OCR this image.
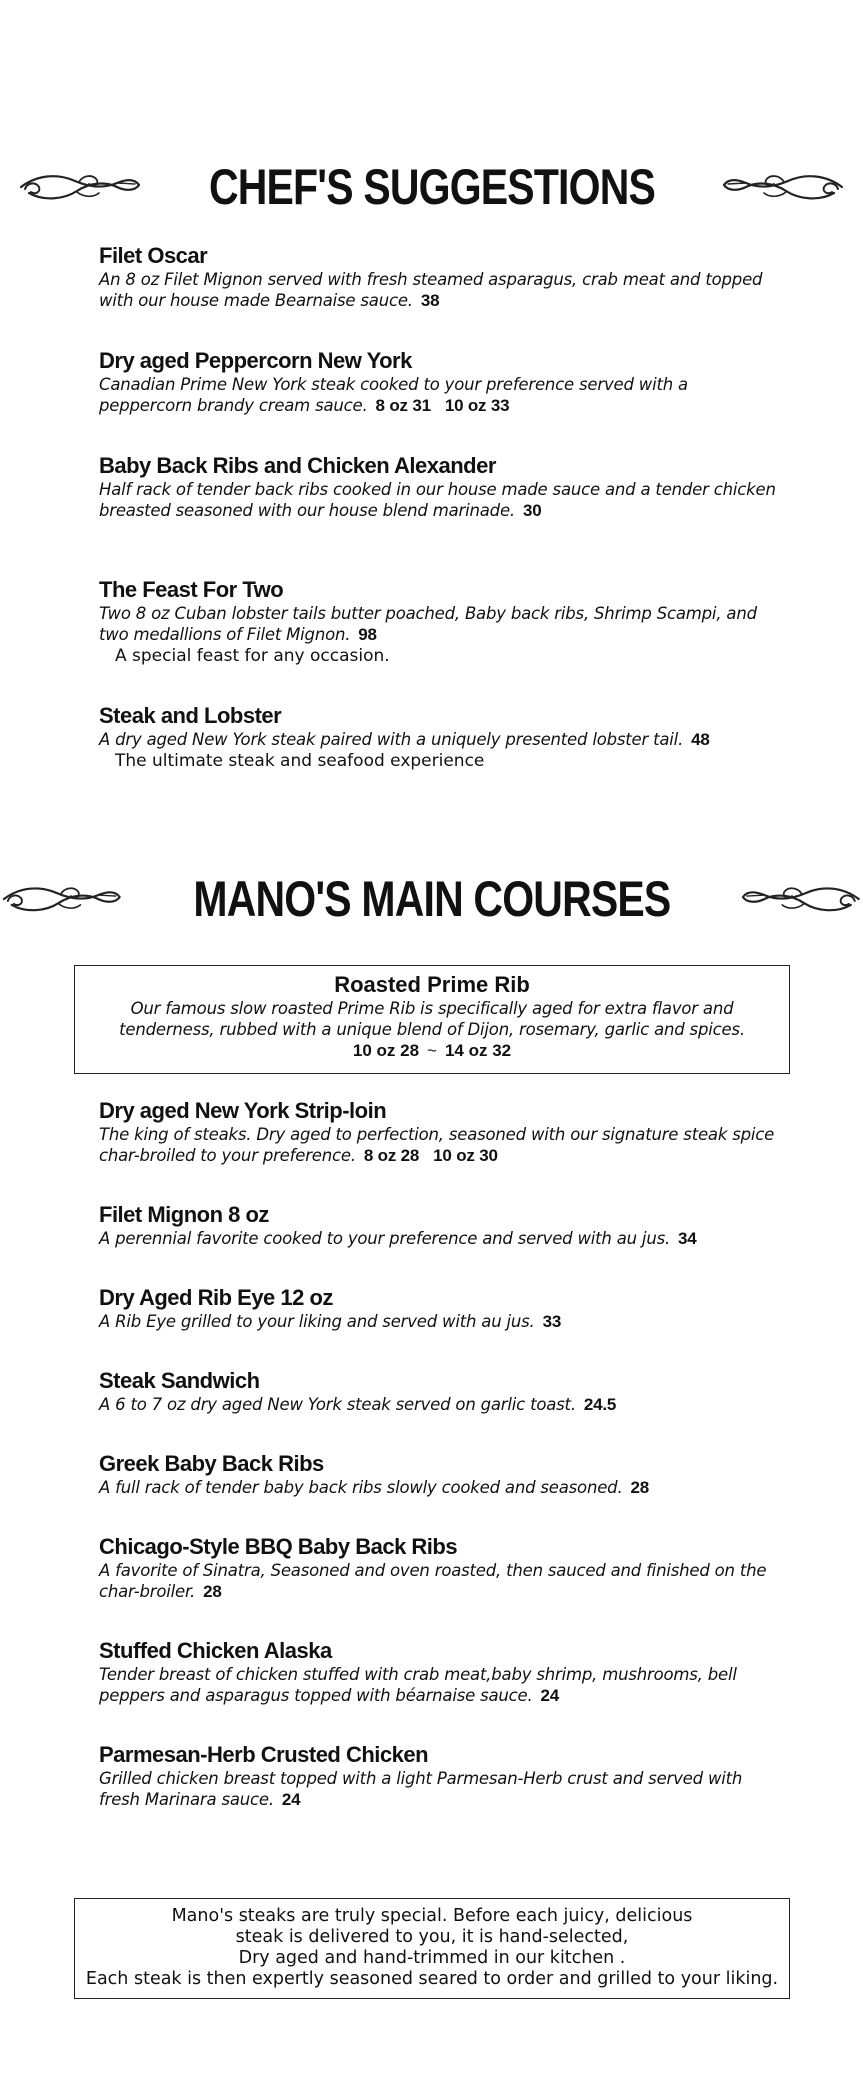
CHEF'S SUGGESTIONS
Filet Oscar

An 8 oz Filet Mignon served with fresh steamed asparagus, crab meat and topped with our house made Bearnaise sauce. 38

Dry aged Peppercorn New York

Canadian Prime New York steak cooked to your preference served with a peppercorn brandy cream sauce. 8 oz 31 10 oz 33

Baby Back Ribs and Chicken Alexander

Half rack of tender back ribs cooked in our house made sauce and a tender chicken breasted seasoned with our house blend marinade. 30

The Feast For Two

Two 8 oz Cuban lobster tails butter poached, Baby back ribs, Shrimp Scampi, and two medallions of Filet Mignon. 98

A special feast for any occasion.

Steak and Lobster

A dry aged New York steak paired with a uniquely presented lobster tail. 48

The ultimate steak and seafood experience

MANO'S MAIN COURSES
Roasted Prime Rib

Our famous slow roasted Prime Rib is specifically aged for extra flavor and tenderness, rubbed with a unique blend of Dijon, rosemary, garlic and spices.

10 oz 28 ~ 14 oz 32
Dry aged New York Strip-loin

The king of steaks. Dry aged to perfection, seasoned with our signature steak spice char-broiled to your preference. 8 oz 28 10 oz 30

Filet Mignon 8 oz

A perennial favorite cooked to your preference and served with au jus. 34

Dry Aged Rib Eye 12 oz

A Rib Eye grilled to your liking and served with au jus. 33

Steak Sandwich

A 6 to 7 oz dry aged New York steak served on garlic toast. 24.5

Greek Baby Back Ribs

A full rack of tender baby back ribs slowly cooked and seasoned. 28

Chicago-Style BBQ Baby Back Ribs

A favorite of Sinatra, Seasoned and oven roasted, then sauced and finished on the char-broiler. 28

Stuffed Chicken Alaska

Tender breast of chicken stuffed with crab meat,baby shrimp, mushrooms, bell peppers and asparagus topped with béarnaise sauce. 24

Parmesan-Herb Crusted Chicken

Grilled chicken breast topped with a light Parmesan-Herb crust and served with fresh Marinara sauce. 24

Mano's steaks are truly special. Before each juicy, delicious
steak is delivered to you, it is hand-selected,
Dry aged and hand-trimmed in our kitchen .
Each steak is then expertly seasoned seared to order and grilled to your liking.
